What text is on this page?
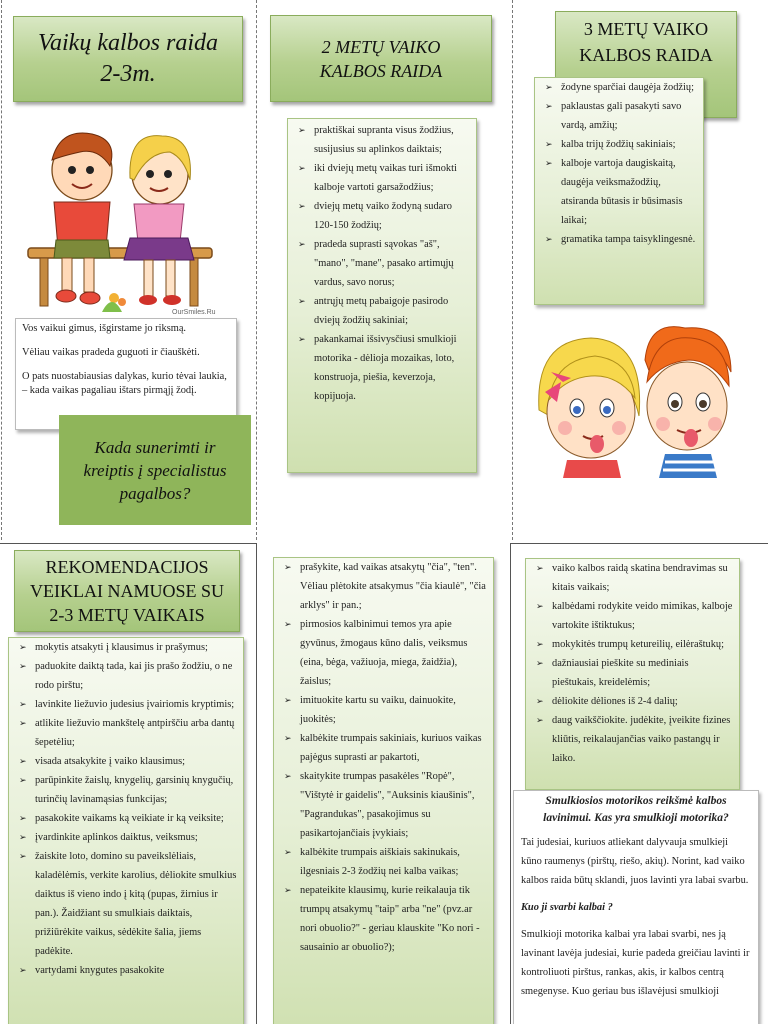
Vaikų kalbos raida
2-3m.
OurSmiles.Ru

Vos vaikui gimus, išgirstame jo riksmą.

Vėliau vaikas pradeda guguoti ir čiauškėti.

O pats nuostabiausias dalykas, kurio tėvai laukia, – kada vaikas pagaliau ištars pirmąjį žodį.

Kada sunerimti ir kreiptis į specialistus pagalbos?
2 METŲ VAIKO
KALBOS RAIDA
➢ praktiškai supranta visus žodžius, susijusius su aplinkos daiktais;
➢ iki dviejų metų vaikas turi išmokti kalboje vartoti garsažodžius;
➢ dviejų metų vaiko žodyną sudaro 120-150 žodžių;
➢ pradeda suprasti sąvokas "aš", "mano", "mane", pasako artimųjų vardus, savo norus;
➢ antrųjų metų pabaigoje pasirodo dviejų žodžių sakiniai;
➢ pakankamai išsivysčiusi smulkioji motorika - dėlioja mozaikas, loto, konstruoja, piešia, keverzoja, kopijuoja.
3 METŲ VAIKO
KALBOS RAIDA
➢ žodyne sparčiai daugėja žodžių;
➢ paklaustas gali pasakyti savo vardą, amžių;
➢ kalba trijų žodžių sakiniais;
➢ kalboje vartoja daugiskaitą, daugėja veiksmažodžių, atsiranda būtasis ir būsimasis laikai;
➢ gramatika tampa taisyklingesnė.
REKOMENDACIJOS
VEIKLAI NAMUOSE SU
2-3 METŲ VAIKAIS
➢ mokytis atsakyti į klausimus ir prašymus;
➢ paduokite daiktą tada, kai jis prašo žodžiu, o ne rodo pirštu;
➢ lavinkite liežuvio judesius įvairiomis kryptimis;
➢ atlikite liežuvio mankštelę antpirščiu arba dantų šepetėliu;
➢ visada atsakykite į vaiko klausimus;
➢ parūpinkite žaislų, knygelių, garsinių knygučių, turinčių lavinamąsias funkcijas;
➢ pasakokite vaikams ką veikiate ir ką veiksite;
➢ įvardinkite aplinkos daiktus, veiksmus;
➢ žaiskite loto, domino su paveikslėliais, kaladėlėmis, verkite karolius, dėliokite smulkius daiktus iš vieno indo į kitą (pupas, žirnius ir pan.). Žaidžiant su smulkiais daiktais, prižiūrėkite vaikus, sėdėkite šalia, jiems padėkite.
➢ vartydami knygutes pasakokite
➢ prašykite, kad vaikas atsakytų "čia", "ten". Vėliau plėtokite atsakymus "čia kiaulė", "čia arklys" ir pan.;
➢ pirmosios kalbinimui temos yra apie gyvūnus, žmogaus kūno dalis, veiksmus (eina, bėga, važiuoja, miega, žaidžia), žaislus;
➢ imituokite kartu su vaiku, dainuokite, juokitės;
➢ kalbėkite trumpais sakiniais, kuriuos vaikas pajėgus suprasti ar pakartoti,
➢ skaitykite trumpas pasakėles "Ropė", "Vištytė ir gaidelis", "Auksinis kiaušinis", "Pagrandukas", pasakojimus su pasikartojančiais įvykiais;
➢ kalbėkite trumpais aiškiais sakinukais, ilgesniais 2-3 žodžių nei kalba vaikas;
➢ nepateikite klausimų, kurie reikalauja tik trumpų atsakymų "taip" arba "ne" (pvz.ar nori obuolio?" - geriau klauskite "Ko nori - sausainio ar obuolio?);
➢ vaiko kalbos raidą skatina bendravimas su kitais vaikais;
➢ kalbėdami rodykite veido mimikas, kalboje vartokite ištiktukus;
➢ mokykitės trumpų ketureilių, eilėraštukų;
➢ dažniausiai pieškite su mediniais pieštukais, kreidelėmis;
➢ dėliokite dėliones iš 2-4 dalių;
➢ daug vaikščiokite. judėkite, įveikite fizines kliūtis, reikalaujančias vaiko pastangų ir laiko.
Smulkiosios motorikos reikšmė kalbos lavinimui. Kas yra smulkioji motorika?

Tai judesiai, kuriuos atliekant dalyvauja smulkieji kūno raumenys (pirštų, riešo, akių). Norint, kad vaiko kalbos raida būtų sklandi, juos lavinti yra labai svarbu.

Kuo ji svarbi kalbai ?

Smulkioji motorika kalbai yra labai svarbi, nes ją lavinant lavėja judesiai, kurie padeda greičiau lavinti ir kontroliuoti pirštus, rankas, akis, ir kalbos centrą smegenyse. Kuo geriau bus išlavėjusi smulkioji
